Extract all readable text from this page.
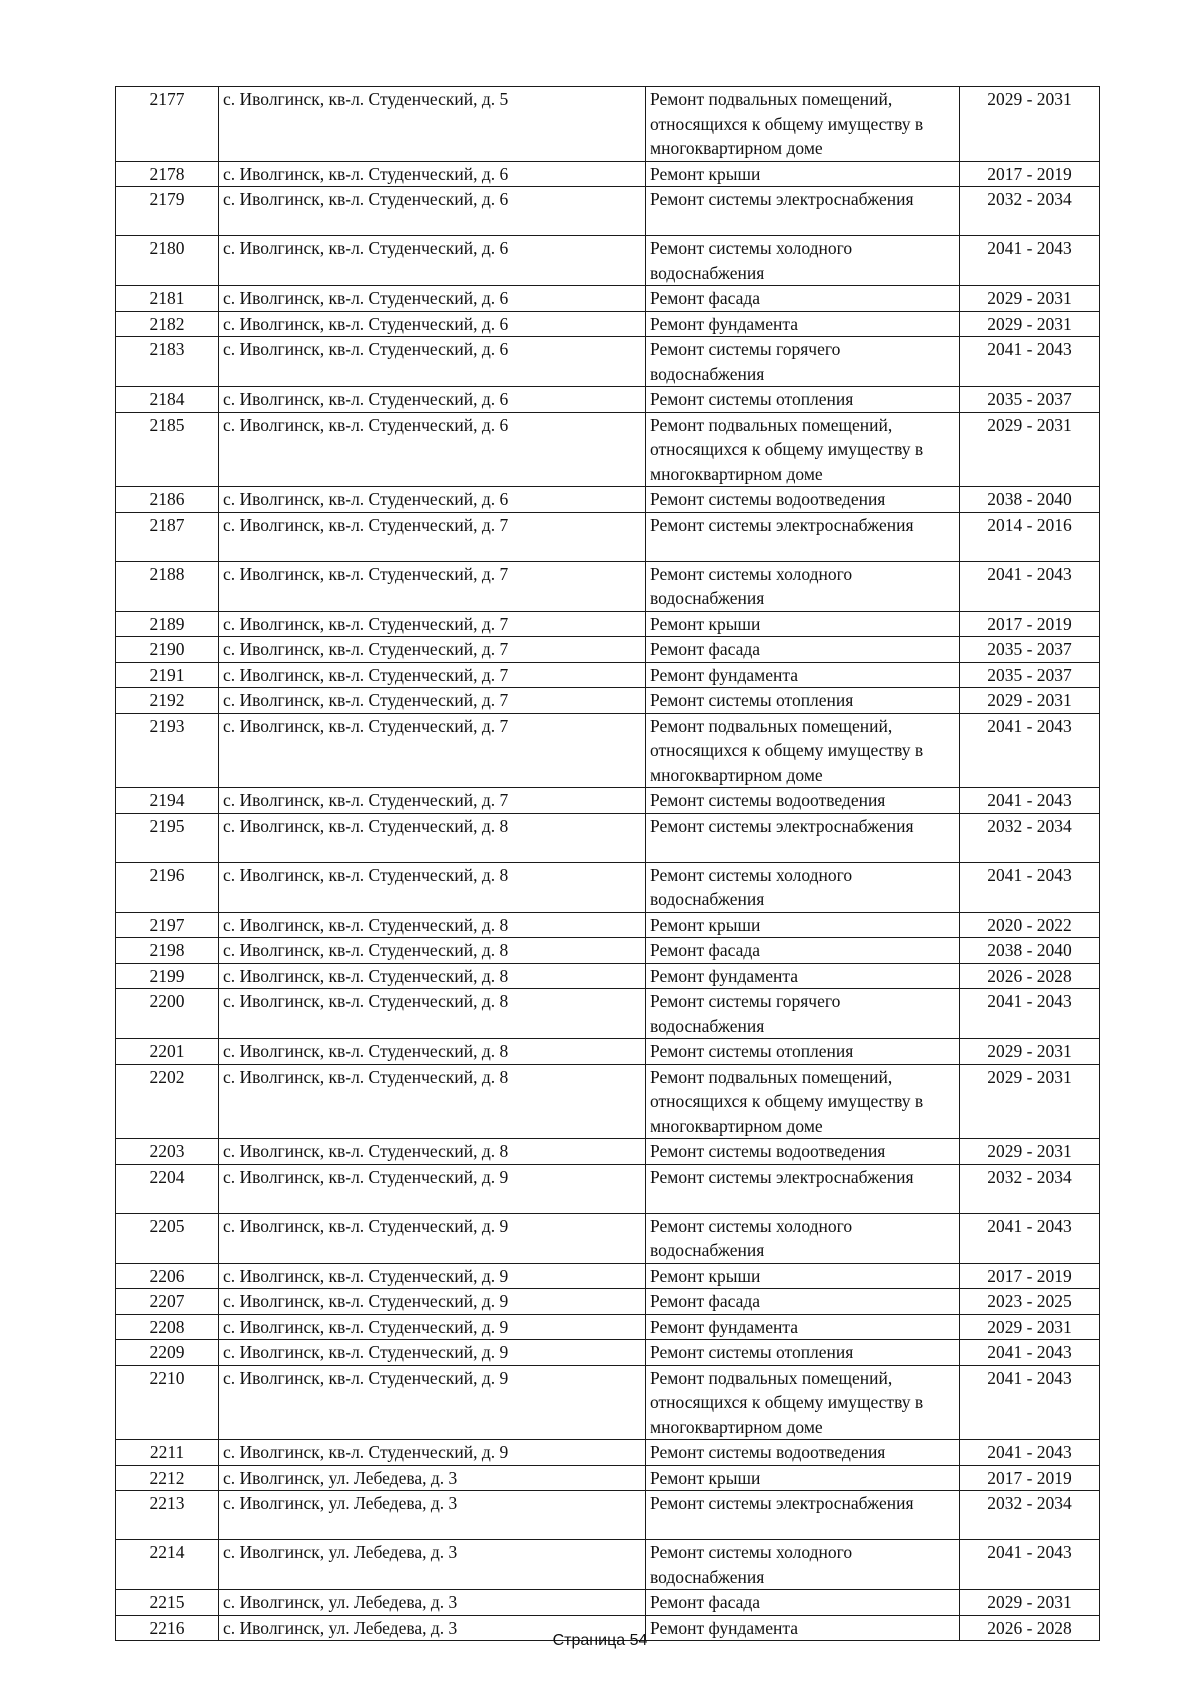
2177	с. Иволгинск, кв-л. Студенческий, д. 5	Ремонт подвальных помещений, относящихся к общему имуществу в многоквартирном доме	2029 - 2031
2178	с. Иволгинск, кв-л. Студенческий, д. 6	Ремонт крыши	2017 - 2019
2179	с. Иволгинск, кв-л. Студенческий, д. 6	Ремонт системы электроснабжения	2032 - 2034
2180	с. Иволгинск, кв-л. Студенческий, д. 6	Ремонт системы холодного водоснабжения	2041 - 2043
2181	с. Иволгинск, кв-л. Студенческий, д. 6	Ремонт фасада	2029 - 2031
2182	с. Иволгинск, кв-л. Студенческий, д. 6	Ремонт фундамента	2029 - 2031
2183	с. Иволгинск, кв-л. Студенческий, д. 6	Ремонт системы горячего водоснабжения	2041 - 2043
2184	с. Иволгинск, кв-л. Студенческий, д. 6	Ремонт системы отопления	2035 - 2037
2185	с. Иволгинск, кв-л. Студенческий, д. 6	Ремонт подвальных помещений, относящихся к общему имуществу в многоквартирном доме	2029 - 2031
2186	с. Иволгинск, кв-л. Студенческий, д. 6	Ремонт системы водоотведения	2038 - 2040
2187	с. Иволгинск, кв-л. Студенческий, д. 7	Ремонт системы электроснабжения	2014 - 2016
2188	с. Иволгинск, кв-л. Студенческий, д. 7	Ремонт системы холодного водоснабжения	2041 - 2043
2189	с. Иволгинск, кв-л. Студенческий, д. 7	Ремонт крыши	2017 - 2019
2190	с. Иволгинск, кв-л. Студенческий, д. 7	Ремонт фасада	2035 - 2037
2191	с. Иволгинск, кв-л. Студенческий, д. 7	Ремонт фундамента	2035 - 2037
2192	с. Иволгинск, кв-л. Студенческий, д. 7	Ремонт системы отопления	2029 - 2031
2193	с. Иволгинск, кв-л. Студенческий, д. 7	Ремонт подвальных помещений, относящихся к общему имуществу в многоквартирном доме	2041 - 2043
2194	с. Иволгинск, кв-л. Студенческий, д. 7	Ремонт системы водоотведения	2041 - 2043
2195	с. Иволгинск, кв-л. Студенческий, д. 8	Ремонт системы электроснабжения	2032 - 2034
2196	с. Иволгинск, кв-л. Студенческий, д. 8	Ремонт системы холодного водоснабжения	2041 - 2043
2197	с. Иволгинск, кв-л. Студенческий, д. 8	Ремонт крыши	2020 - 2022
2198	с. Иволгинск, кв-л. Студенческий, д. 8	Ремонт фасада	2038 - 2040
2199	с. Иволгинск, кв-л. Студенческий, д. 8	Ремонт фундамента	2026 - 2028
2200	с. Иволгинск, кв-л. Студенческий, д. 8	Ремонт системы горячего водоснабжения	2041 - 2043
2201	с. Иволгинск, кв-л. Студенческий, д. 8	Ремонт системы отопления	2029 - 2031
2202	с. Иволгинск, кв-л. Студенческий, д. 8	Ремонт подвальных помещений, относящихся к общему имуществу в многоквартирном доме	2029 - 2031
2203	с. Иволгинск, кв-л. Студенческий, д. 8	Ремонт системы водоотведения	2029 - 2031
2204	с. Иволгинск, кв-л. Студенческий, д. 9	Ремонт системы электроснабжения	2032 - 2034
2205	с. Иволгинск, кв-л. Студенческий, д. 9	Ремонт системы холодного водоснабжения	2041 - 2043
2206	с. Иволгинск, кв-л. Студенческий, д. 9	Ремонт крыши	2017 - 2019
2207	с. Иволгинск, кв-л. Студенческий, д. 9	Ремонт фасада	2023 - 2025
2208	с. Иволгинск, кв-л. Студенческий, д. 9	Ремонт фундамента	2029 - 2031
2209	с. Иволгинск, кв-л. Студенческий, д. 9	Ремонт системы отопления	2041 - 2043
2210	с. Иволгинск, кв-л. Студенческий, д. 9	Ремонт подвальных помещений, относящихся к общему имуществу в многоквартирном доме	2041 - 2043
2211	с. Иволгинск, кв-л. Студенческий, д. 9	Ремонт системы водоотведения	2041 - 2043
2212	с. Иволгинск, ул. Лебедева, д. 3	Ремонт крыши	2017 - 2019
2213	с. Иволгинск, ул. Лебедева, д. 3	Ремонт системы электроснабжения	2032 - 2034
2214	с. Иволгинск, ул. Лебедева, д. 3	Ремонт системы холодного водоснабжения	2041 - 2043
2215	с. Иволгинск, ул. Лебедева, д. 3	Ремонт фасада	2029 - 2031
2216	с. Иволгинск, ул. Лебедева, д. 3	Ремонт фундамента	2026 - 2028
Страница 54
